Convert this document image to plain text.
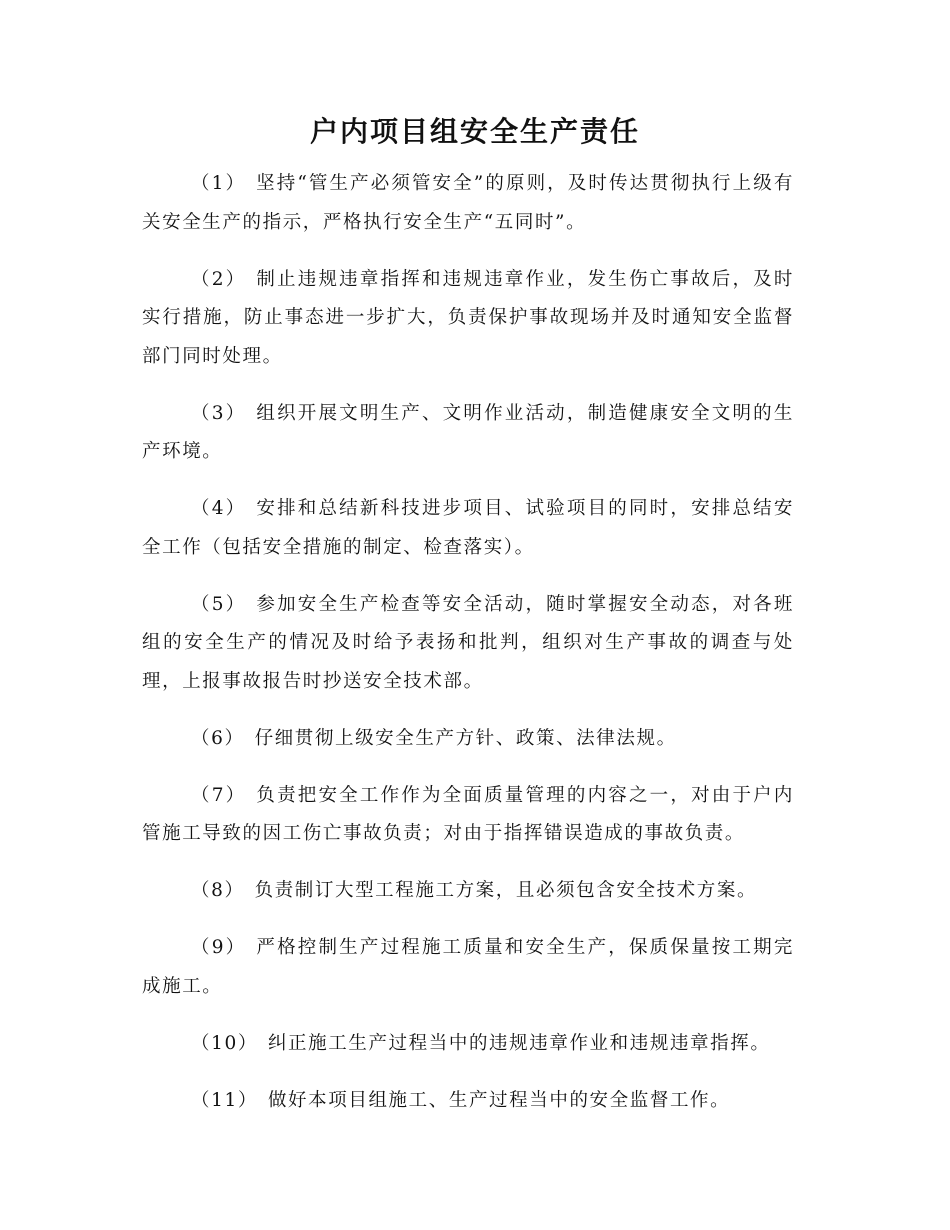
户内项目组安全生产责任

（1） 坚持“管生产必须管安全”的原则，及时传达贯彻执行上级有关安全生产的指示，严格执行安全生产“五同时”。

（2） 制止违规违章指挥和违规违章作业，发生伤亡事故后，及时实行措施，防止事态进一步扩大，负责保护事故现场并及时通知安全监督部门同时处理。

（3） 组织开展文明生产、文明作业活动，制造健康安全文明的生产环境。

（4） 安排和总结新科技进步项目、试验项目的同时，安排总结安全工作（包括安全措施的制定、检查落实）。

（5） 参加安全生产检查等安全活动，随时掌握安全动态，对各班组的安全生产的情况及时给予表扬和批判，组织对生产事故的调查与处理，上报事故报告时抄送安全技术部。

（6） 仔细贯彻上级安全生产方针、政策、法律法规。

（7） 负责把安全工作作为全面质量管理的内容之一，对由于户内管施工导致的因工伤亡事故负责；对由于指挥错误造成的事故负责。

（8） 负责制订大型工程施工方案，且必须包含安全技术方案。

（9） 严格控制生产过程施工质量和安全生产，保质保量按工期完成施工。

（10） 纠正施工生产过程当中的违规违章作业和违规违章指挥。

（11） 做好本项目组施工、生产过程当中的安全监督工作。
